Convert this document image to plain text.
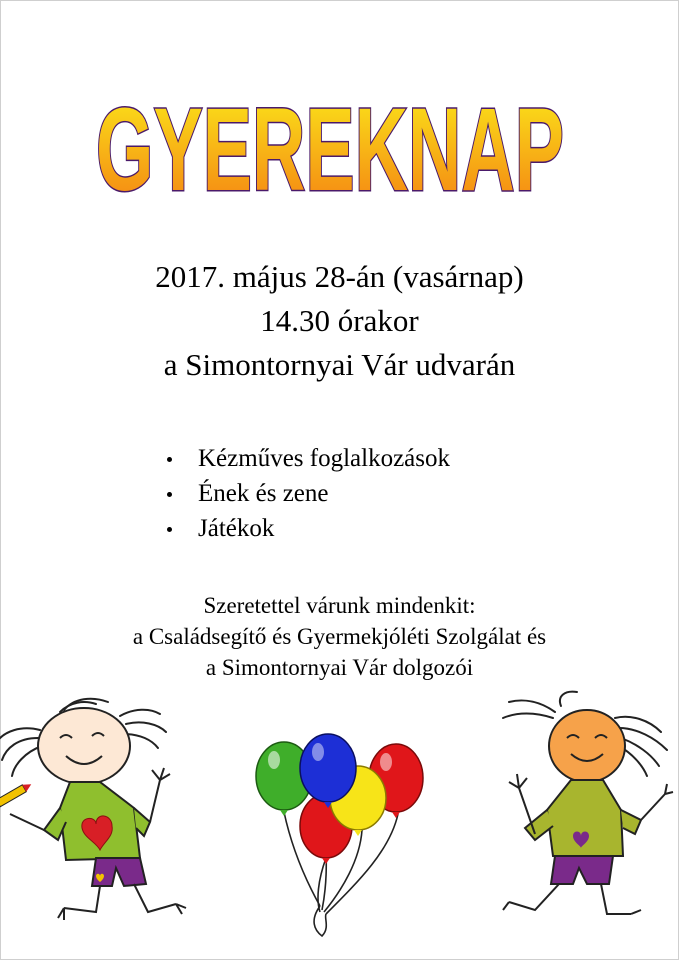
GYEREKNAP
2017. május 28-án (vasárnap)
14.30 órakor
a Simontornyai Vár udvarán
Kézműves foglalkozások
Ének és zene
Játékok
Szeretettel várunk mindenkit:
a Családsegítő és Gyermekjóléti Szolgálat és
a Simontornyai Vár dolgozói
